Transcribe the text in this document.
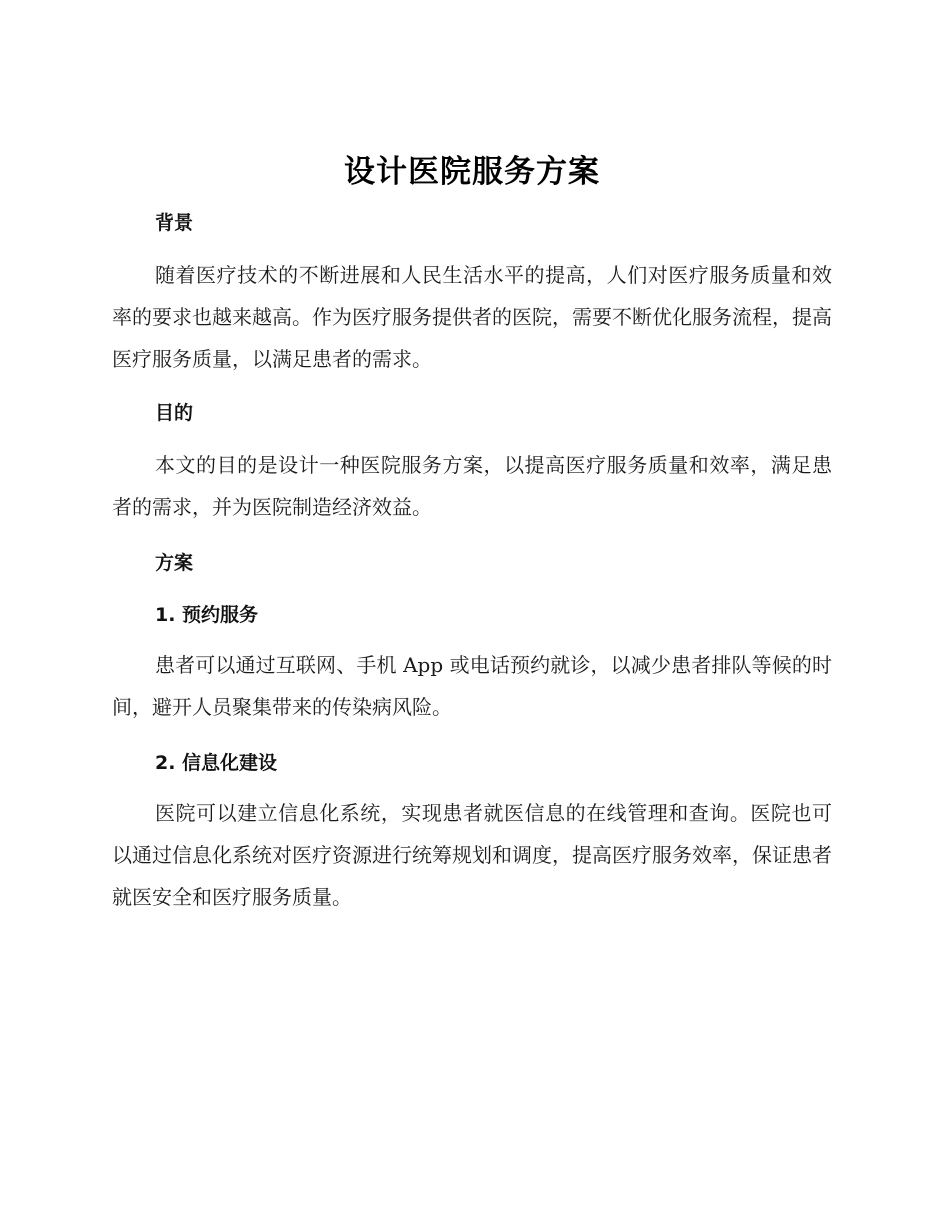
设计医院服务方案
背景

随着医疗技术的不断进展和人民生活水平的提高，人们对医疗服务质量和效率的要求也越来越高。作为医疗服务提供者的医院，需要不断优化服务流程，提高医疗服务质量，以满足患者的需求。

目的

本文的目的是设计一种医院服务方案，以提高医疗服务质量和效率，满足患者的需求，并为医院制造经济效益。

方案
1. 预约服务

患者可以通过互联网、手机 App 或电话预约就诊，以减少患者排队等候的时间，避开人员聚集带来的传染病风险。

2. 信息化建设

医院可以建立信息化系统，实现患者就医信息的在线管理和查询。医院也可以通过信息化系统对医疗资源进行统筹规划和调度，提高医疗服务效率，保证患者就医安全和医疗服务质量。
